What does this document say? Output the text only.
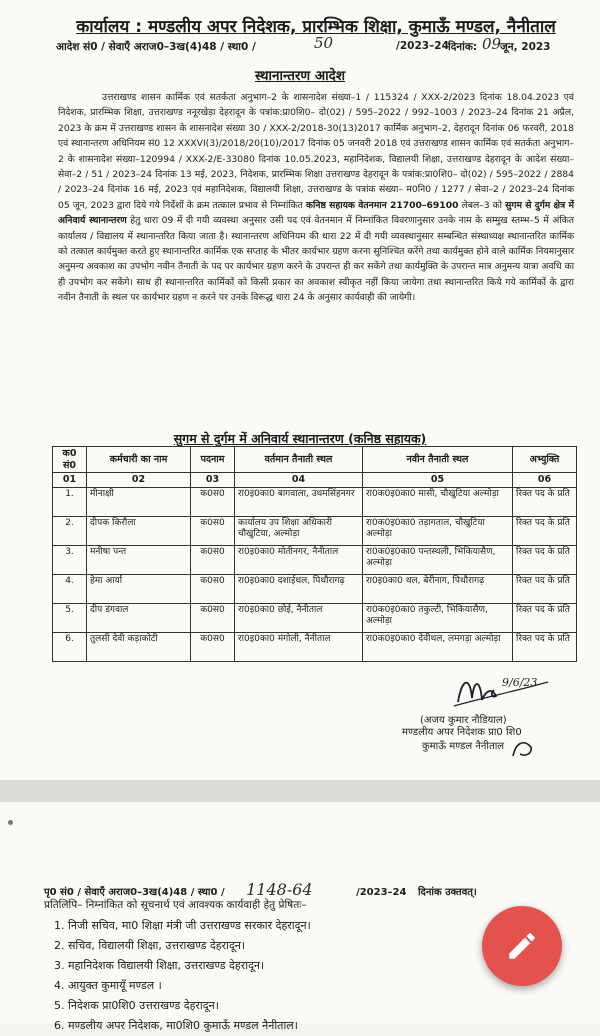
कार्यालय : मण्डलीय अपर निदेशक, प्रारम्भिक शिक्षा, कुमाऊँ मण्डल, नैनीताल
आदेश सं0 / सेवाएँ अराज0–3ख(4)48 / स्था0 /	50	/2023–24 दिनांक: 09
जून, 2023
स्थानान्तरण आदेश
उत्तराखण्ड शासन कार्मिक एवं सतर्कता अनुभाग–2 के शासनादेश संख्या–1 / 115324 / XXX-2/2023 दिनांक 18.04.2023 एवं निदेशक, प्रारम्भिक शिक्षा, उत्तराखण्ड ननूरखेड़ा देहरादून के पत्रांक:प्रा0शि0– दो(02) / 595–2022 / 992–1003 / 2023–24 दिनांक 21 अप्रैल, 2023 के क्रम में उत्तराखण्ड शासन के शासनादेश संख्या 30 / XXX-2/2018-30(13)2017 कार्मिक अनुभाग–2, देहरादून दिनांक 06 फरवरी, 2018 एवं स्थानान्तरण अधिनियम सं0 12 XXXVI(3)/2018/20(10)/2017 दिनांक 05 जनवरी 2018 एवं उत्तराखण्ड शासन कार्मिक एवं सतर्कता अनुभाग–2 के शासनादेश संख्या–120994 / XXX-2/E-33080 दिनांक 10.05.2023, महानिदेशक, विद्यालयी शिक्षा, उत्तराखण्ड देहरादून के आदेश संख्या– सेवा–2 / 51 / 2023–24 दिनांक 13 मई, 2023, निदेशक, प्रारम्भिक शिक्षा उत्तराखण्ड देहरादून के पत्रांक:प्रा0शि0– दो(02) / 595–2022 / 2884 / 2023–24 दिनांक 16 मई, 2023 एवं महानिदेशक, विद्यालयी शिक्षा, उत्तराखण्ड के पत्रांक संख्या– म0नि0 / 1277 / सेवा–2 / 2023–24 दिनांक 05 जून, 2023 द्वारा दिये गये निर्देशों के क्रम तत्काल प्रभाव से निम्नांकित कनिष्ठ सहायक वेतनमान 21700–69100 लेबल–3 को सुगम से दुर्गम क्षेत्र में अनिवार्य स्थानान्तरण हेतु धारा 09 में दी गयी व्यवस्था अनुसार उसी पद एवं वेतनमान में निम्नांकित विवरणानुसार उनके नाम के सम्मुख स्तम्भ–5 में अंकित कार्यालय / विद्यालय में स्थानान्तरित किया जाता है। स्थानान्तरण अधिनियम की धारा 22 में दी गयी व्यवस्थानुसार सम्बन्धित संस्थाध्यक्ष स्थानान्तरित कार्मिक को तत्काल कार्यमुक्त करते हुए स्थानान्तरित कार्मिक एक सप्ताह के भीतर कार्यभार ग्रहण करना सुनिश्चित करेंगे तथा कार्यमुक्त होने वाले कार्मिक नियमानुसार अनुमन्य अवकाश का उपभोग नवीन तैनाती के पद पर कार्यभार ग्रहण करने के उपरान्त ही कर सकेंगे तथा कार्यमुक्ति के उपरान्त मात्र अनुमन्य यात्रा अवधि का ही उपभोग कर सकेंगे। साथ ही स्थानान्तरित कार्मिकों को किसी प्रकार का अवकाश स्वीकृत नहीं किया जायेगा तथा स्थानान्तरित किये गये कार्मिकों के द्वारा नवीन तैनाती के स्थल पर कार्यभार ग्रहण न करने पर उनके विरूद्ध धारा 24 के अनुसार कार्यवाही की जायेगी।
सुगम से दुर्गम में अनिवार्य स्थानान्तरण (कनिष्ठ सहायक)
क0 सं0	कर्मचारी का नाम	पदनाम	वर्तमान तैनाती स्थल	नवीन तैनाती स्थल	अभ्युक्ति
01	02	03	04	05	06
1.	मीनाक्षी	क0स0	रा0इ0का0 बागवाला, उधमसिंहनगर	रा0क0इ0का0 मासी, चौखुटिया अल्मोड़ा	रिक्त पद के प्रति
2.	दीपक किरौला	क0स0	कार्यालय उप शिक्षा अधिकारी चौखुटिया, अल्मोड़ा	रा0क0इ0का0 तड़ागताल, चौखुटिया अल्मोड़ा	रिक्त पद के प्रति
3.	मनीषा पन्त	क0स0	रा0इ0का0 मोतीनगर, नैनीताल	रा0क0इ0का0 पन्तस्थली, भिकियासैण, अल्मोड़ा	रिक्त पद के प्रति
4.	हेमा आर्या	क0स0	रा0इ0का0 दशाईथल, पिथौरागढ़	रा0इ0का0 थल, बेरीनाग, पिथौरागढ़	रिक्त पद के प्रति
5.	दीप डंगवाल	क0स0	रा0इ0का0 छोई, नैनीताल	रा0क0इ0का0 तकुल्टी, भिकियासैण, अल्मोड़ा	रिक्त पद के प्रति
6.	तुलसी देवी कड़ाकोटी	क0स0	रा0इ0का0 मंगोली, नैनीताल	रा0क0इ0का0 देवीथल, लमगड़ा अल्मोड़ा	रिक्त पद के प्रति
9/6/23
(अजय कुमार नौडियाल)
मण्डलीय अपर निदेशक प्रा0 शि0
कुमाऊँ मण्डल नैनीताल
पृ0 सं0 / सेवाएँ अराज0–3ख(4)48 / स्था0 / 1148-64	/2023–24 दिनांक उक्तवत्।
प्रतिलिपि– निम्नांकित को सूचनार्थ एवं आवश्यक कार्यवाही हेतु प्रेषितः–
1. निजी सचिव, मा0 शिक्षा मंत्री जी उत्तराखण्ड सरकार देहरादून।
2. सचिव, विद्यालयी शिक्षा, उत्तराखण्ड देहरादून।
3. महानिदेशक विद्यालयी शिक्षा, उत्तराखण्ड देहरादून।
4. आयुक्त कुमायूँ मण्डल ।
5. निदेशक प्रा0शि0 उत्तराखण्ड देहरादून।
6. मण्डलीय अपर निदेशक, मा0शि0 कुमाऊँ मण्डल नैनीताल।
